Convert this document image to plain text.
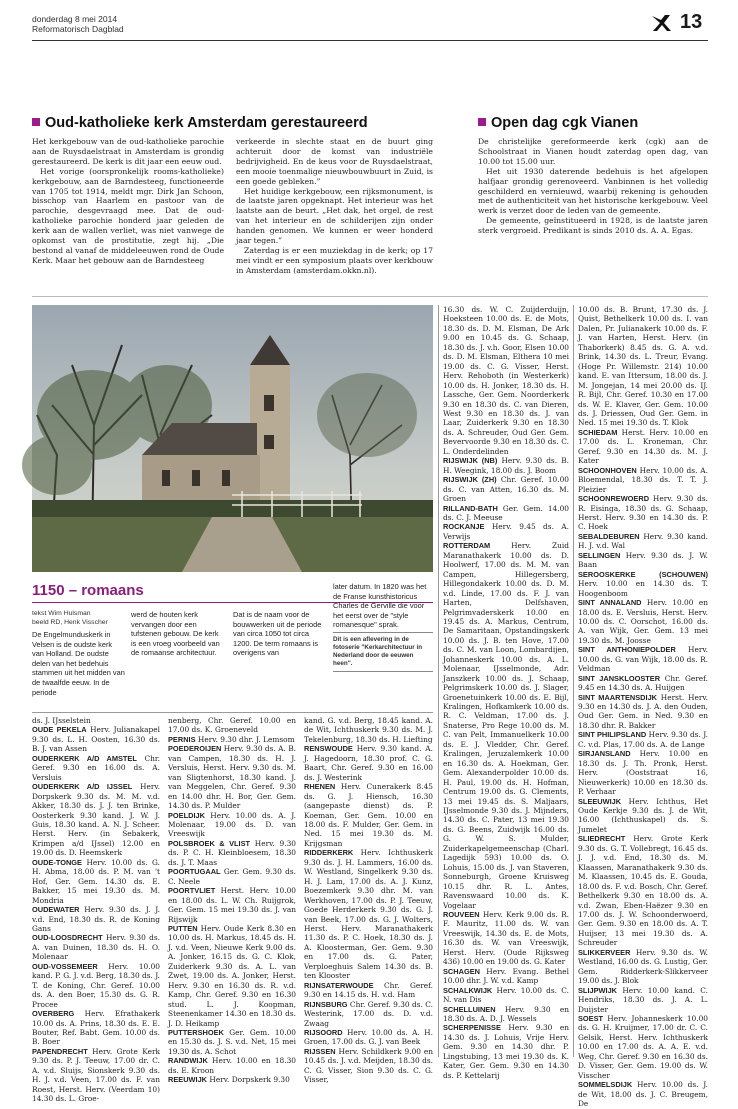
donderdag 8 mei 2014
Reformatorisch Dagblad	13
Oud-katholieke kerk Amsterdam gerestaureerd

Het kerkgebouw van de oud-katholieke parochie aan de Ruysdaelstraat in Amsterdam is grondig gerestaureerd. De kerk is dit jaar een eeuw oud.

Het vorige (oorspronkelijk rooms-katholieke) kerkgebouw, aan de Barndesteeg, functioneerde van 1705 tot 1914, meldt mgr. Dirk Jan Schoon, bisschop van Haarlem en pastoor van de parochie, desgevraagd mee. Dat de oud-katholieke parochie honderd jaar geleden de kerk aan de wallen verliet, was niet vanwege de opkomst van de prostitutie, zegt hij. „Die bestond al vanaf de middeleeuwen rond de Oude Kerk. Maar het gebouw aan de Barndesteeg

verkeerde in slechte staat en de buurt ging achteruit door de komst van industriële bedrijvigheid. En de keus voor de Ruysdaelstraat, een mooie toenmalige nieuwbouwbuurt in Zuid, is een goede gebleken.”

Het huidige kerkgebouw, een rijksmonument, is de laatste jaren opgeknapt. Het interieur was het laatste aan de beurt. „Het dak, het orgel, de rest van het interieur en de schilderijen zijn onder handen genomen. We kunnen er weer honderd jaar tegen.”

Zaterdag is er een muziekdag in de kerk; op 17 mei vindt er een symposium plaats over kerkbouw in Amsterdam (amsterdam.okkn.nl).

Open dag cgk Vianen

De christelijke gereformeerde kerk (cgk) aan de Schoolstraat in Vianen houdt zaterdag open dag, van 10.00 tot 15.00 uur.

Het uit 1930 daterende bedehuis is het afgelopen halfjaar grondig gerenoveerd. Vanbinnen is het volledig geschilderd en vernieuwd, waarbij rekening is gehouden met de authenticiteit van het historische kerkgebouw. Veel werk is verzet door de leden van de gemeente.

De gemeente, geïnstitueerd in 1928, is de laatste jaren sterk vergroeid. Predikant is sinds 2010 ds. A. A. Egas.

1150 – romaans
tekst Wim Hulsman
beeld RD, Henk Visscher
De Engelmunduskerk in Velsen is de oudste kerk van Holland. De oudste delen van het bedehuis stammen uit het midden van de twaalfde eeuw. In de periode
werd de houten kerk vervangen door een tufstenen gebouw. De kerk is een vroeg voorbeeld van de romaanse architectuur. Dat is de naam voor de bouwwerken uit de periode van circa 1050 tot circa 1200. De term romaans is overigens van
later datum. In 1820 was het de Franse kunsthistoricus Charles de Gerville die voor het eerst over de "style romanesque" sprak.
Dit is een aflevering in de fotoserie "Kerkarchitectuur in Nederland door de eeuwen heen".
16.30 ds. W. C. Zuijderduijn, Hoeksteen 10.00 ds. E. de Mots, 18.30 ds. D. M. Elsman, De Ark 9.00 en 10.45 ds. G. Schaap, 18.30 ds. J. v.h. Goor, Elsen 10.00 ds. D. M. Elsman, Elthera 10 mei 19.00 ds. C. G. Visser, Herst. Herv. Rehoboth (in Westerkerk) 10.00 ds. H. Jonker, 18.30 ds. H. Lassche, Ger. Gem. Noorderkerk 9.30 en 18.30 ds. C. van Dieren, West 9.30 en 18.30 ds. J. van Laar, Zuiderkerk 9.30 en 18.30 ds. A. Schreuder, Oud Ger. Gem. Bevervoorde 9.30 en 18.30 ds. C. L. Onderdelinden
RIJSWIJK (NB) Herv. 9.30 ds. B. H. Weegink, 18.00 ds. J. Boom
RIJSWIJK (ZH) Chr. Geref. 10.00 ds. C. van Atten, 16.30 ds. M. Groen
RILLAND-BATH Ger. Gem. 14.00 ds. C. J. Meeuse
ROCKANJE Herv. 9.45 ds. A. Verwijs
ROTTERDAM	Herv. Zuid Maranathakerk 10.00 ds. D. Hoolwerf, 17.00 ds. M. M. van Campen, Hillegersberg, Hillegondakerk 10.00 ds. D. M. v.d. Linde, 17.00 ds. F. J. van Harten, Delfshaven, Pelgrimvaderskerk 10.00 en 19.45 ds. A. Markus, Centrum, De Samaritaan, Opstandingskerk 10.00 ds. J. B. ten Hove, 17.00 ds. C. M. van Loon, Lombardijen, Johanneskerk 10.00 ds. A. L. Molenaar, IJsselmonde, Adr. Janszkerk 10.00 ds. J. Schaap, Pelgrimskerk 10.00 ds. J. Slager, Groenetuinkerk 10.00 ds. E. Bijl, Kralingen, Hofkamkerk 10.00 ds. R. C. Veldman, 17.00 ds. J. Snaterse, Pro Rege 10.00 ds. M. C. van Pelt, Immanuelkerk 10.00 ds. E. J. Vledder, Chr. Geref. Kralingen, Jeruzalemkerk 10.00 en 16.30 ds. A. Hoekman, Ger. Gem. Alexanderpolder 10.00 ds. H. Paul, 19.00 ds. H. Hofman, Centrum 19.00 ds. G. Clements, 13 mei 19.45 ds. S. Maljaars, IJsselmonde 9.30 ds. J. Mijnders, 14.30 ds. C. Pater, 13 mei 19.30 ds. G. Beens, Zuidwijk 16.00 ds. G. W. S. Mulder, Zuiderkapelgemeenschap (Charl. Lagedijk 593) 10.00 ds. O. Lohuis, 15.00 ds. J. van Staveren, Sonneburgh, Groene Kruisweg 10.15 dhr. R. L. Antes, Ravenswaard 10.00 ds. K. Vogelaar
ROUVEEN Herv. Kerk 9.00 ds. R. F. Mauritz, 11.00 ds. W. van Vreeswijk, 14.30 ds. E. de Mots, 16.30 ds. W. van Vreeswijk, Herst. Herv. (Oude Rijksweg 436) 10.00 en 19.00 ds. G. Kater
SCHAGEN Herv. Evang. Bethel 10.00 dhr. J. W. v.d. Kamp
SCHALKWIJK Herv. 10.00 ds. C. N. van Dis
SCHELLUINEN Herv. 9.30 en 18.30 ds. A. D. J. Wessels
SCHERPENISSE Herv. 9.30 en 14.30 ds. J. Lohuis, Vrije Herv. Gem. 9.30 en 14.30 dhr. P. Lingstubing, 13 mei 19.30 ds. K. Kater, Ger. Gem. 9.30 en 14.30 ds. P. Kettelarij
10.00 ds. B. Brunt, 17.30 ds. J. Quist, Bethelkerk 10.00 ds. I. van Dalen, Pr. Julianakerk 10.00 ds. F. J. van Harten, Herst. Herv. (in Thaborkerk) 8.45 ds. G. A. v.d. Brink, 14.30 ds. L. Treur, Evang. (Hoge Pr. Willemstr. 214) 10.00 kand. E. van Ittersum, 18.00 ds. J. M. Jongejan, 14 mei 20.00 ds. IJ. R. Bijl, Chr. Geref. 10.30 en 17.00 ds. W. E. Klaver, Ger. Gem. 10.00 ds. J. Driessen, Oud Ger. Gem. in Ned. 15 mei 19.30 ds. T. Klok
SCHIEDAM Herst. Herv. 10.00 en 17.00 ds. L. Kroneman, Chr. Geref. 9.30 en 14.30 ds. M. J. Kater
SCHOONHOVEN Herv. 10.00 ds. A. Bloemendal, 18.30 ds. T. T. J. Pleizier
SCHOONREWOERD Herv. 9.30 ds. R. Eisinga, 18.30 ds. G. Schaap, Herst. Herv. 9.30 en 14.30 ds. P. C. Hoek
SEBALDEBUREN Herv. 9.30 kand. H. J. v.d. Wal
SELLINGEN Herv. 9.30 ds. J. W. Baan
SEROOSKERKE (SCHOUWEN) Herv. 10.00 en 14.30 ds. T. Hoogenboom
SINT ANNALAND Herv. 10.00 en 18.00 ds. E. Versluis, Herst. Herv. 10.00 ds. C. Oorschot, 16.00 ds. A. van Wijk, Ger. Gem. 13 mei 19.30 ds. M. Joosse
SINT ANTHONIEPOLDER Herv. 10.00 ds. G. van Wijk, 18.00 ds. R. Veldman
SINT JANSKLOOSTER Chr. Geref. 9.45 en 14.30 ds. A. Huijgen
SINT MAARTENSDIJK Herst. Herv. 9.30 en 14.30 ds. J. A. den Ouden, Oud Ger. Gem. in Ned. 9.30 en 18.30 dhr. R. Bakker
SINT PHILIPSLAND Herv. 9.30 ds. J. C. v.d. Plas, 17.00 ds. A. de Lange
SIRJANSLAND Herv. 10.00 en 18.30 ds. J. Th. Pronk, Herst. Herv. (Ooststraat 16, Nieuwerkerk) 10.00 en 18.30 ds. P. Verhaar
SLEEUWIJK Herv. Ichthus, Het Oude Kerkje 9.30 ds. J. de Wit, 16.00 (Ichthuskapel) ds. S. Jumelet
SLIEDRECHT Herv. Grote Kerk 9.30 ds. G. T. Vollebregt, 16.45 ds. J. J. v.d. End, 18.30 ds. M. Klaassen, Maranathakerk 9.30 ds. M. Klaassen, 10.45 ds. E. Gouda, 18.00 ds. F. v.d. Bosch, Chr. Geref. Bethelkerk 9.30 en 18.00 ds. A. v.d. Zwan, Eben-Haëzer 9.30 en 17.00 ds. J. W. Schoonderwoerd, Ger. Gem. 9.30 en 18.00 ds. A. T. Huijser, 13 mei 19.30 ds. A. Schreuder
SLIKKERVEER Herv. 9.30 ds. W. Westland, 16.00 ds. G. Lustig, Ger. Gem. Ridderkerk-Slikkerveer 19.00 ds. J. Blok
SLIJPWIJK Herv. 10.00 kand. C. Hendriks, 18.30 ds. J. A. L. Duijster
SOEST Herv. Johanneskerk 10.00 ds. G. H. Kruijmer, 17.00 dr. C. C. Gelsik, Herst. Herv. Ichthuskerk 10.00 en 17.00 ds. A. A. E. v.d. Weg, Chr. Geref. 9.30 en 16.30 ds. D. Visser, Ger. Gem. 19.00 ds. W. Visscher
SOMMELSDIJK Herv. 10.00 ds. J. de Wit, 18.00 ds. J. C. Breugem, De
ds. J. IJsselstein
OUDE PEKELA Herv. Julianakapel 9.30 ds. L. H. Oosten, 16.30 ds. B. J. van Assen
OUDERKERK A/D AMSTEL Chr. Geref. 9.30 en 16.00 ds. A. Versluis
OUDERKERK A/D IJSSEL Herv. Dorpskerk 9.30 ds. M. M. v.d. Akker, 18.30 ds. J. J. ten Brinke, Oosterkerk 9.30 kand. J. W. J. Guis, 18.30 kand. A. N. J. Scheer. Herst. Herv. (in Sebakerk, Krimpen a/d IJssel) 12.00 en 19.00 ds. D. Heemskerk
OUDE-TONGE Herv. 10.00 ds. G. H. Abma, 18.00 ds. P. M. van 't Hof, Ger. Gem. 14.30 ds. E. Bakker, 15 mei 19.30 ds. M. Mondria
OUDEWATER Herv. 9.30 ds. J. J. v.d. End, 18.30 ds. R. de Koning Gans
OUD-LOOSDRECHT Herv. 9.30 ds. A. van Duinen, 18.30 ds. H. O. Molenaar
OUD-VOSSEMEER Herv. 10.00 kand. P. G. J. v.d. Berg, 18.30 ds. J. T. de Koning, Chr. Geref. 10.00 ds. A. den Boer, 15.30 ds. G. R. Procee
OVERBERG Herv. Efrathakerk 10.00 ds. A. Prins, 18.30 ds. E. E. Bouter, Ref. Babt. Gem. 10.00 ds. B. Boer
PAPENDRECHT Herv. Grote Kerk 9.30 ds. P. J. Teeuw, 17.00 dr. C. A. v.d. Sluijs, Sionskerk 9.30 ds. H. J. v.d. Veen, 17.00 ds. F. van Roest, Herst. Herv. (Veerdam 10) 14.30 ds. L. Groe-
nenberg, Chr. Geref. 10.00 en 17.00 ds. K. Groeneveld
PERNIS Herv. 9.30 dhr. J. Lemsom
POEDEROIJEN Herv. 9.30 ds. A. B. van Campen, 18.30 ds. H. J. Versluis, Herst. Herv. 9.30 ds. M. van Sligtenhorst, 18.30 kand. J. van Meggelen, Chr. Geref. 9.30 en 14.00 dhr. H. Bor, Ger. Gem. 14.30 ds. P. Mulder
POELDIJK Herv. 10.00 ds. A. J. Molenaar, 19.00 ds. D. van Vreeswijk
POLSBROEK & VLIST Herv. 9.30 ds. P. C. H. Kleinbloesem, 18.30 ds. J. T. Maas
POORTUGAAL Ger. Gem. 9.30 ds. C. Neele
POORTVLIET Herst. Herv. 10.00 en 18.00 ds. L. W. Ch. Ruijgrok, Ger. Gem. 15 mei 19.30 ds. J. van Rijswijk
PUTTEN Herv. Oude Kerk 8.30 en 10.00 ds. H. Markus, 18.45 ds. H. J. v.d. Veen, Nieuwe Kerk 9.00 ds. A. Jonker, 16.15 ds. G. C. Klok, Zuiderkerk 9.30 ds. A. L. van Zwet, 19.00 ds. A. Jonker, Herst. Herv. 9.30 en 16.30 ds. R. v.d. Kamp, Chr. Geref. 9.30 en 16.30 stud. L. J. Koopman, Steenenkamer 14.30 en 18.30 ds. J. D. Heikamp
PUTTERSHOEK Ger. Gem. 10.00 en 15.30 ds. J. S. v.d. Net, 15 mei 19.30 ds. A. Schot
RANDWIJK Herv. 10.00 en 18.30 ds. E. Kroon
REEUWIJK Herv. Dorpskerk 9.30
kand. G. v.d. Berg, 18.45 kand. A. de Wit, Ichthuskerk 9.30 ds. M. J. Tekelenburg, 18.30 ds. H. Liefting
RENSWOUDE Herv. 9.30 kand. A. J. Hagedoorn, 18.30 prof. C. G. Baart, Chr. Geref. 9.30 en 16.00 ds. J. Westerink
RHENEN Herv. Cunerakerk 8.45 ds. G. J. Hiensch, 16.30 (aangepaste dienst) ds. P. Koeman, Ger. Gem. 10.00 en 18.00 ds. F. Mulder, Ger. Gem. in Ned. 15 mei 19.30 ds. M. Krijgsman
RIDDERKERK Herv. Ichthuskerk 9.30 ds. J. H. Lammers, 16.00 ds. W. Westland, Singelkerk 9.30 ds. H. J. Lam, 17.00 ds. A. J. Kunz, Boezemkerk 9.30 dhr. M. van Werkhoven, 17.00 ds. P. J. Teeuw, Goede Herderkerk 9.30 ds. G. J. van Beek, 17.00 ds. G. J. Wolters, Herst. Herv. Maranathakerk 11.30 ds. P. C. Hoek, 18.30 ds. J. A. Kloosterman, Ger. Gem. 9.30 en 17.00 ds. G. Pater, Verploeghuis Salem 14.30 ds. B. ten Klooster
RIJNSATERWOUDE Chr. Geref. 9.30 en 14.15 ds. H. v.d. Ham
RIJNSBURG Chr. Geref. 9.30 ds. C. Westerink, 17.00 ds. D. v.d. Zwaag
RIJSOORD Herv. 10.00 ds. A. H. Groen, 17.00 ds. G. J. van Beek
RIJSSEN Herv. Schildkerk 9.00 en 10.45 ds. J. v.d. Meijden, 18.30 ds. C. G. Visser, Sion 9.30 ds. C. G. Visser,
